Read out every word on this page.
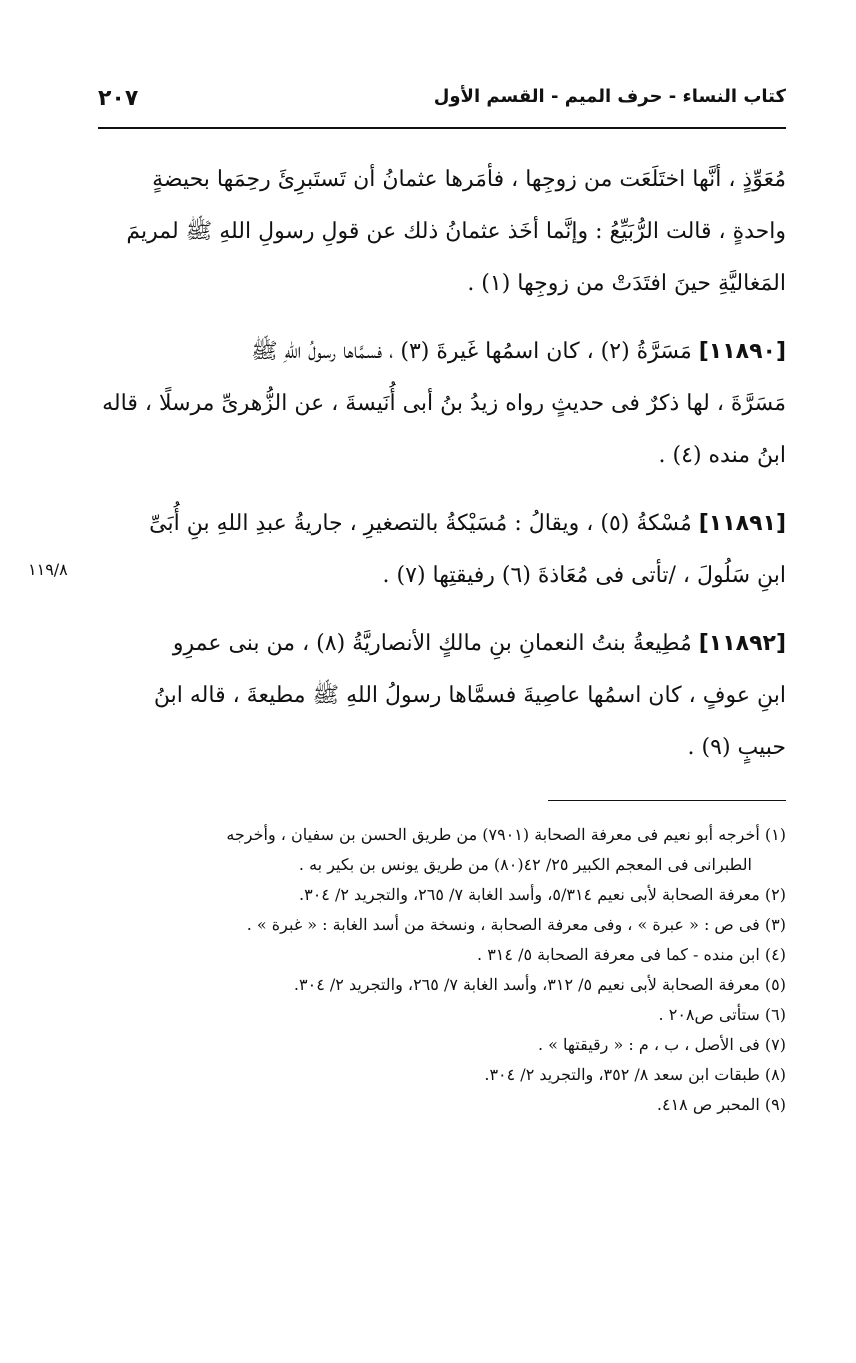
كتاب النساء - حرف الميم - القسم الأول
٢٠٧
١١٩/٨
مُعَوِّذٍ ، أنَّها اختَلَعَت من زوجِها ، فأمَرها عثمانُ أن تَستَبرِئَ رحِمَها بحيضةٍ
واحدةٍ ، قالت الرُّبَيِّعُ : وإنَّما أخَذ عثمانُ ذلك عن قولِ رسولِ اللهِ ﷺ لمريمَ
المَغاليَّةِ حينَ افتَدَتْ من زوجِها (١) .
[١١٨٩٠] مَسَرَّةُ (٢) ، كان اسمُها غَيرةَ (٣) ، فسمَّاها رسولُ اللهِ ﷺ
مَسَرَّةَ ، لها ذكرٌ فى حديثٍ رواه زيدُ بنُ أبى أُنَيسةَ ، عن الزُّهرىِّ مرسلًا ، قاله
ابنُ منده (٤) .
[١١٨٩١] مُسْكةُ (٥) ، ويقالُ : مُسَيْكةُ بالتصغيرِ ، جاريةُ عبدِ اللهِ بنِ أُبَىِّ
ابنِ سَلُولَ ، /تأتى فى مُعَاذةَ (٦) رفيقتِها (٧) .
[١١٨٩٢] مُطِيعةُ بنتُ النعمانِ بنِ مالكٍ الأنصاريَّةُ (٨) ، من بنى عمرِو
ابنِ عوفٍ ، كان اسمُها عاصِيةَ فسمَّاها رسولُ اللهِ ﷺ مطيعةَ ، قاله ابنُ
حبيبٍ (٩) .

(١) أخرجه أبو نعيم فى معرفة الصحابة (٧٩٠١) من طريق الحسن بن سفيان ، وأخرجه

الطبرانى فى المعجم الكبير ٢٥/ ٤٢(٨٠) من طريق يونس بن بكير به .

(٢) معرفة الصحابة لأبى نعيم ٥/٣١٤، وأسد الغابة ٧/ ٢٦٥، والتجريد ٢/ ٣٠٤.

(٣) فى ص : « عبرة » ، وفى معرفة الصحابة ، ونسخة من أسد الغابة : « غبرة » .

(٤) ابن منده - كما فى معرفة الصحابة ٥/ ٣١٤ .

(٥) معرفة الصحابة لأبى نعيم ٥/ ٣١٢، وأسد الغابة ٧/ ٢٦٥، والتجريد ٢/ ٣٠٤.

(٦) ستأتى ص٢٠٨ .

(٧) فى الأصل ، ب ، م : « رقيقتها » .

(٨) طبقات ابن سعد ٨/ ٣٥٢، والتجريد ٢/ ٣٠٤.

(٩) المحبر ص ٤١٨.
